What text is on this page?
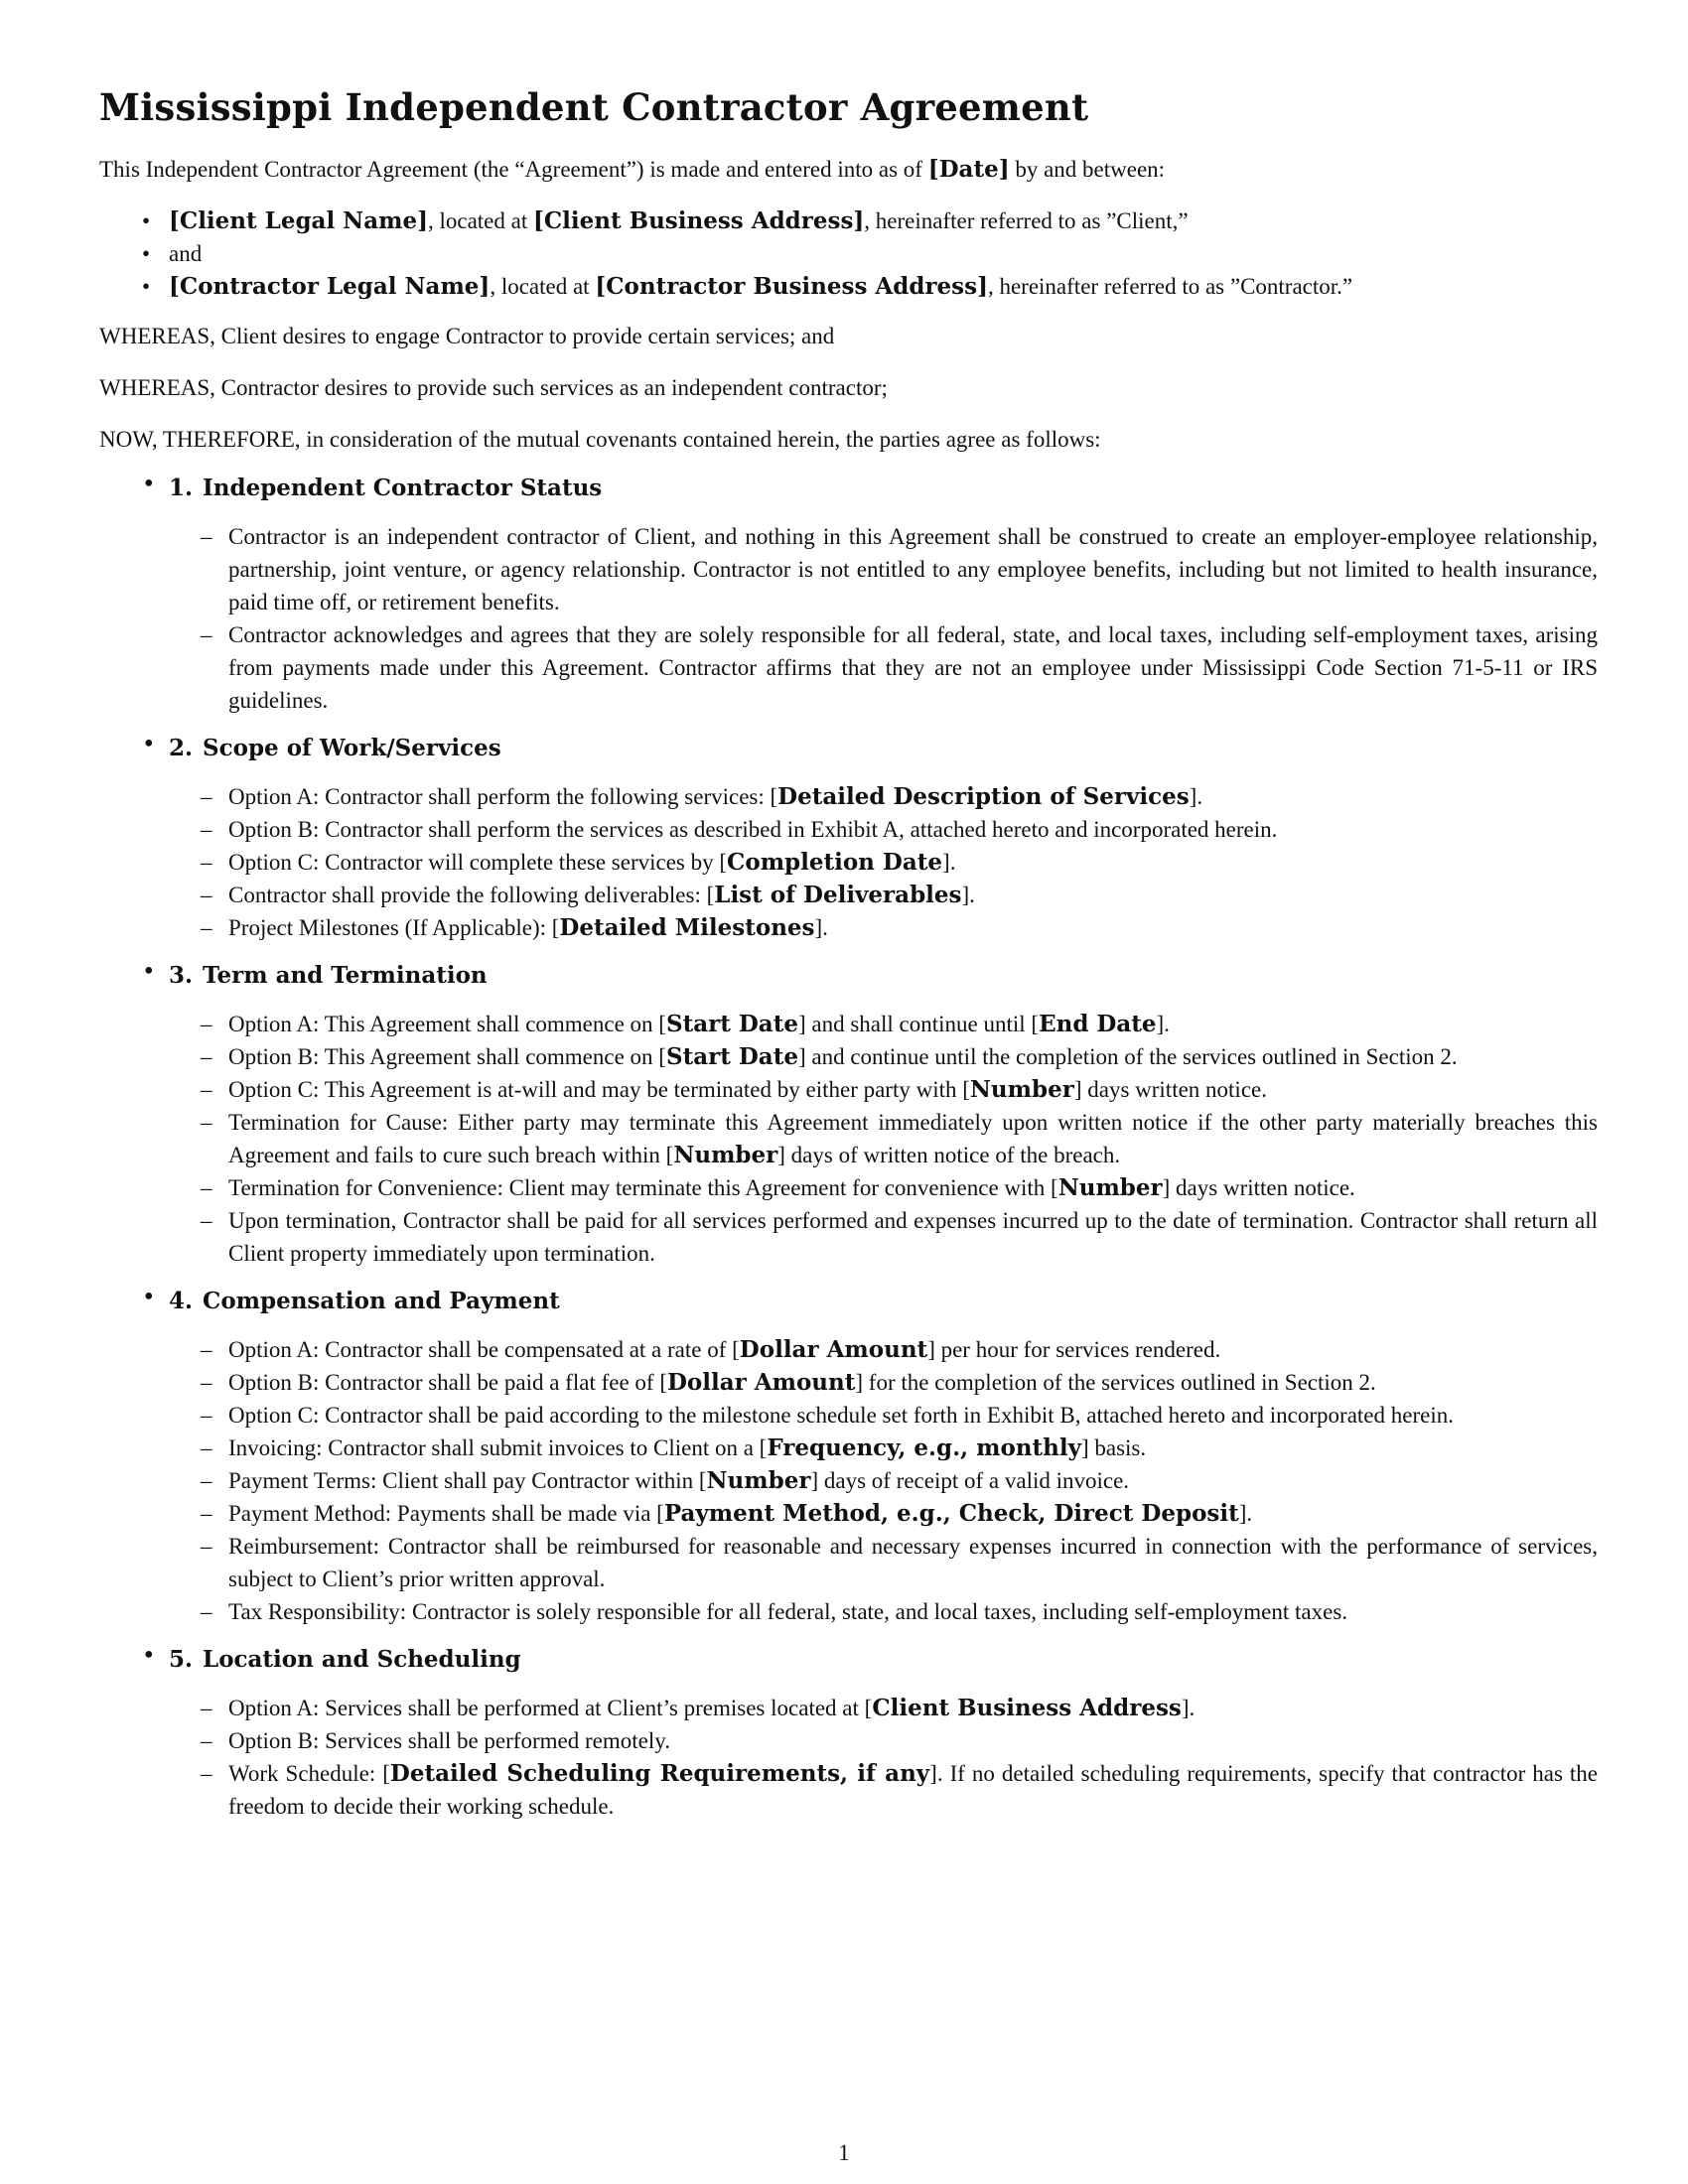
Mississippi Independent Contractor Agreement

This Independent Contractor Agreement (the “Agreement”) is made and entered into as of [Date] by and between:

• [Client Legal Name], located at [Client Business Address], hereinafter referred to as ”Client,”
• and
• [Contractor Legal Name], located at [Contractor Business Address], hereinafter referred to as ”Contractor.”

WHEREAS, Client desires to engage Contractor to provide certain services; and

WHEREAS, Contractor desires to provide such services as an independent contractor;

NOW, THEREFORE, in consideration of the mutual covenants contained herein, the parties agree as follows:

• 1. Independent Contractor Status
– Contractor is an independent contractor of Client, and nothing in this Agreement shall be construed to create an employer-employee relationship, partnership, joint venture, or agency relationship. Contractor is not entitled to any employee benefits, including but not limited to health insurance, paid time off, or retirement benefits.
– Contractor acknowledges and agrees that they are solely responsible for all federal, state, and local taxes, including self-employment taxes, arising from payments made under this Agreement. Contractor affirms that they are not an employee under Mississippi Code Section 71-5-11 or IRS guidelines.
• 2. Scope of Work/Services
– Option A: Contractor shall perform the following services: [Detailed Description of Services].
– Option B: Contractor shall perform the services as described in Exhibit A, attached hereto and incorporated herein.
– Option C: Contractor will complete these services by [Completion Date].
– Contractor shall provide the following deliverables: [List of Deliverables].
– Project Milestones (If Applicable): [Detailed Milestones].
• 3. Term and Termination
– Option A: This Agreement shall commence on [Start Date] and shall continue until [End Date].
– Option B: This Agreement shall commence on [Start Date] and continue until the completion of the services outlined in Section 2.
– Option C: This Agreement is at-will and may be terminated by either party with [Number] days written notice.
– Termination for Cause: Either party may terminate this Agreement immediately upon written notice if the other party materially breaches this Agreement and fails to cure such breach within [Number] days of written notice of the breach.
– Termination for Convenience: Client may terminate this Agreement for convenience with [Number] days written notice.
– Upon termination, Contractor shall be paid for all services performed and expenses incurred up to the date of termination. Contractor shall return all Client property immediately upon termination.
• 4. Compensation and Payment
– Option A: Contractor shall be compensated at a rate of [Dollar Amount] per hour for services rendered.
– Option B: Contractor shall be paid a flat fee of [Dollar Amount] for the completion of the services outlined in Section 2.
– Option C: Contractor shall be paid according to the milestone schedule set forth in Exhibit B, attached hereto and incorporated herein.
– Invoicing: Contractor shall submit invoices to Client on a [Frequency, e.g., monthly] basis.
– Payment Terms: Client shall pay Contractor within [Number] days of receipt of a valid invoice.
– Payment Method: Payments shall be made via [Payment Method, e.g., Check, Direct Deposit].
– Reimbursement: Contractor shall be reimbursed for reasonable and necessary expenses incurred in connection with the performance of services, subject to Client’s prior written approval.
– Tax Responsibility: Contractor is solely responsible for all federal, state, and local taxes, including self-employment taxes.
• 5. Location and Scheduling
– Option A: Services shall be performed at Client’s premises located at [Client Business Address].
– Option B: Services shall be performed remotely.
– Work Schedule: [Detailed Scheduling Requirements, if any]. If no detailed scheduling requirements, specify that contractor has the freedom to decide their working schedule.
1
